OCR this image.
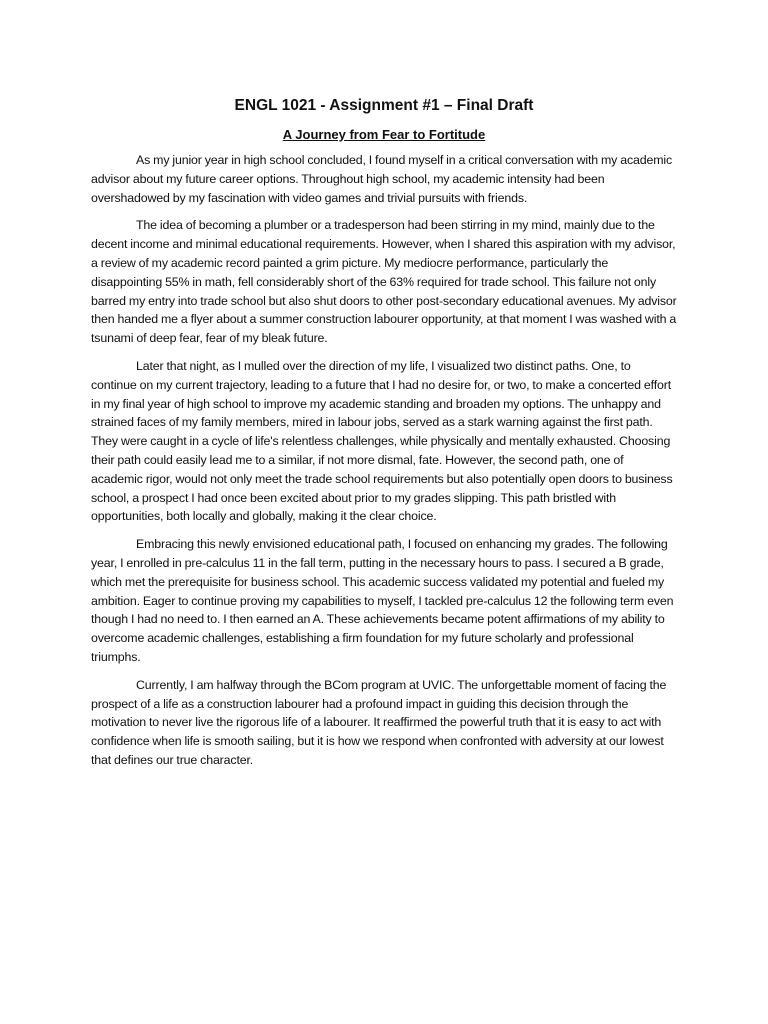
ENGL 1021 - Assignment #1 – Final Draft
A Journey from Fear to Fortitude

As my junior year in high school concluded, I found myself in a critical conversation with my academic advisor about my future career options. Throughout high school, my academic intensity had been overshadowed by my fascination with video games and trivial pursuits with friends.

The idea of becoming a plumber or a tradesperson had been stirring in my mind, mainly due to the decent income and minimal educational requirements. However, when I shared this aspiration with my advisor, a review of my academic record painted a grim picture. My mediocre performance, particularly the disappointing 55% in math, fell considerably short of the 63% required for trade school. This failure not only barred my entry into trade school but also shut doors to other post-secondary educational avenues. My advisor then handed me a flyer about a summer construction labourer opportunity, at that moment I was washed with a tsunami of deep fear, fear of my bleak future.

Later that night, as I mulled over the direction of my life, I visualized two distinct paths. One, to continue on my current trajectory, leading to a future that I had no desire for, or two, to make a concerted effort in my final year of high school to improve my academic standing and broaden my options. The unhappy and strained faces of my family members, mired in labour jobs, served as a stark warning against the first path. They were caught in a cycle of life's relentless challenges, while physically and mentally exhausted. Choosing their path could easily lead me to a similar, if not more dismal, fate. However, the second path, one of academic rigor, would not only meet the trade school requirements but also potentially open doors to business school, a prospect I had once been excited about prior to my grades slipping. This path bristled with opportunities, both locally and globally, making it the clear choice.

Embracing this newly envisioned educational path, I focused on enhancing my grades. The following year, I enrolled in pre-calculus 11 in the fall term, putting in the necessary hours to pass. I secured a B grade, which met the prerequisite for business school. This academic success validated my potential and fueled my ambition. Eager to continue proving my capabilities to myself, I tackled pre-calculus 12 the following term even though I had no need to. I then earned an A. These achievements became potent affirmations of my ability to overcome academic challenges, establishing a firm foundation for my future scholarly and professional triumphs.

Currently, I am halfway through the BCom program at UVIC. The unforgettable moment of facing the prospect of a life as a construction labourer had a profound impact in guiding this decision through the motivation to never live the rigorous life of a labourer. It reaffirmed the powerful truth that it is easy to act with confidence when life is smooth sailing, but it is how we respond when confronted with adversity at our lowest that defines our true character.
